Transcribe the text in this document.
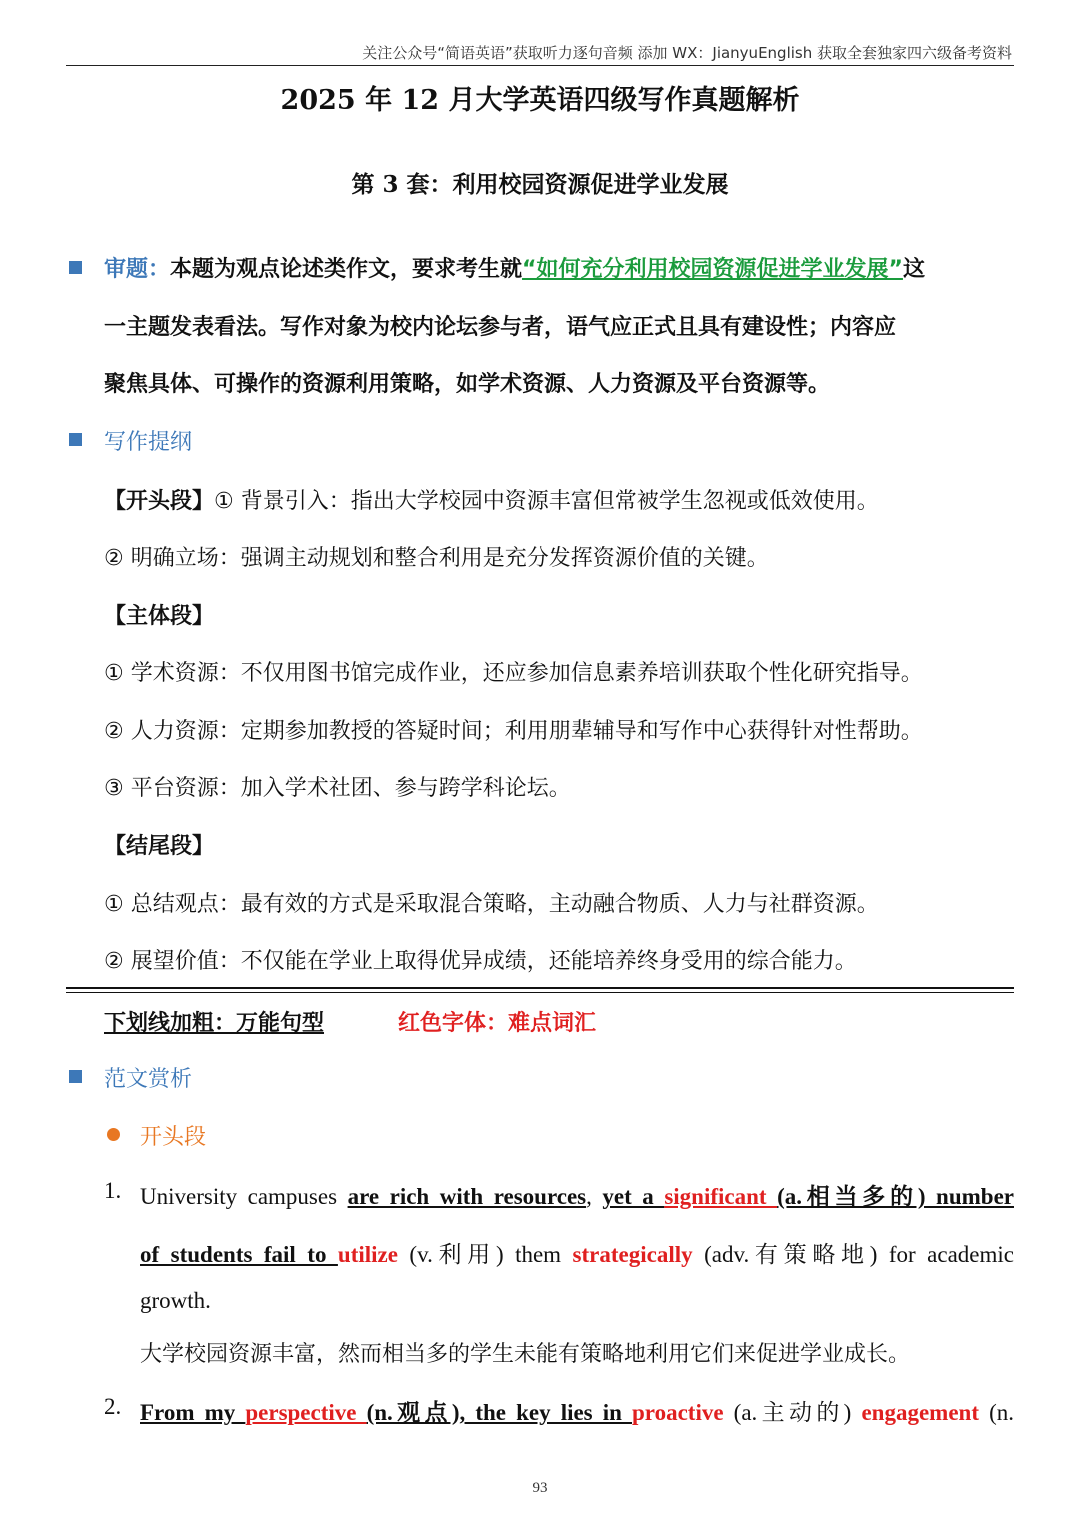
关注公众号“简语英语”获取听力逐句音频 添加 WX：JianyuEnglish 获取全套独家四六级备考资料
2025 年 12 月大学英语四级写作真题解析
第 3 套：利用校园资源促进学业发展
审题：本题为观点论述类作文，要求考生就“如何充分利用校园资源促进学业发展”这
一主题发表看法。写作对象为校内论坛参与者，语气应正式且具有建设性；内容应
聚焦具体、可操作的资源利用策略，如学术资源、人力资源及平台资源等。
写作提纲
【开头段】① 背景引入：指出大学校园中资源丰富但常被学生忽视或低效使用。
② 明确立场：强调主动规划和整合利用是充分发挥资源价值的关键。
【主体段】
① 学术资源：不仅用图书馆完成作业，还应参加信息素养培训获取个性化研究指导。
② 人力资源：定期参加教授的答疑时间；利用朋辈辅导和写作中心获得针对性帮助。
③ 平台资源：加入学术社团、参与跨学科论坛。
【结尾段】
① 总结观点：最有效的方式是采取混合策略，主动融合物质、人力与社群资源。
② 展望价值：不仅能在学业上取得优异成绩，还能培养终身受用的综合能力。
下划线加粗：万能句型	红色字体：难点词汇
范文赏析
开头段
1. University campuses are rich with resources, yet a significant (a.相当多的) number
of students fail to utilize (v.利用) them strategically (adv.有策略地) for academic
growth.
大学校园资源丰富，然而相当多的学生未能有策略地利用它们来促进学业成长。
2. From my perspective (n.观点), the key lies in proactive (a.主动的) engagement (n.
93
